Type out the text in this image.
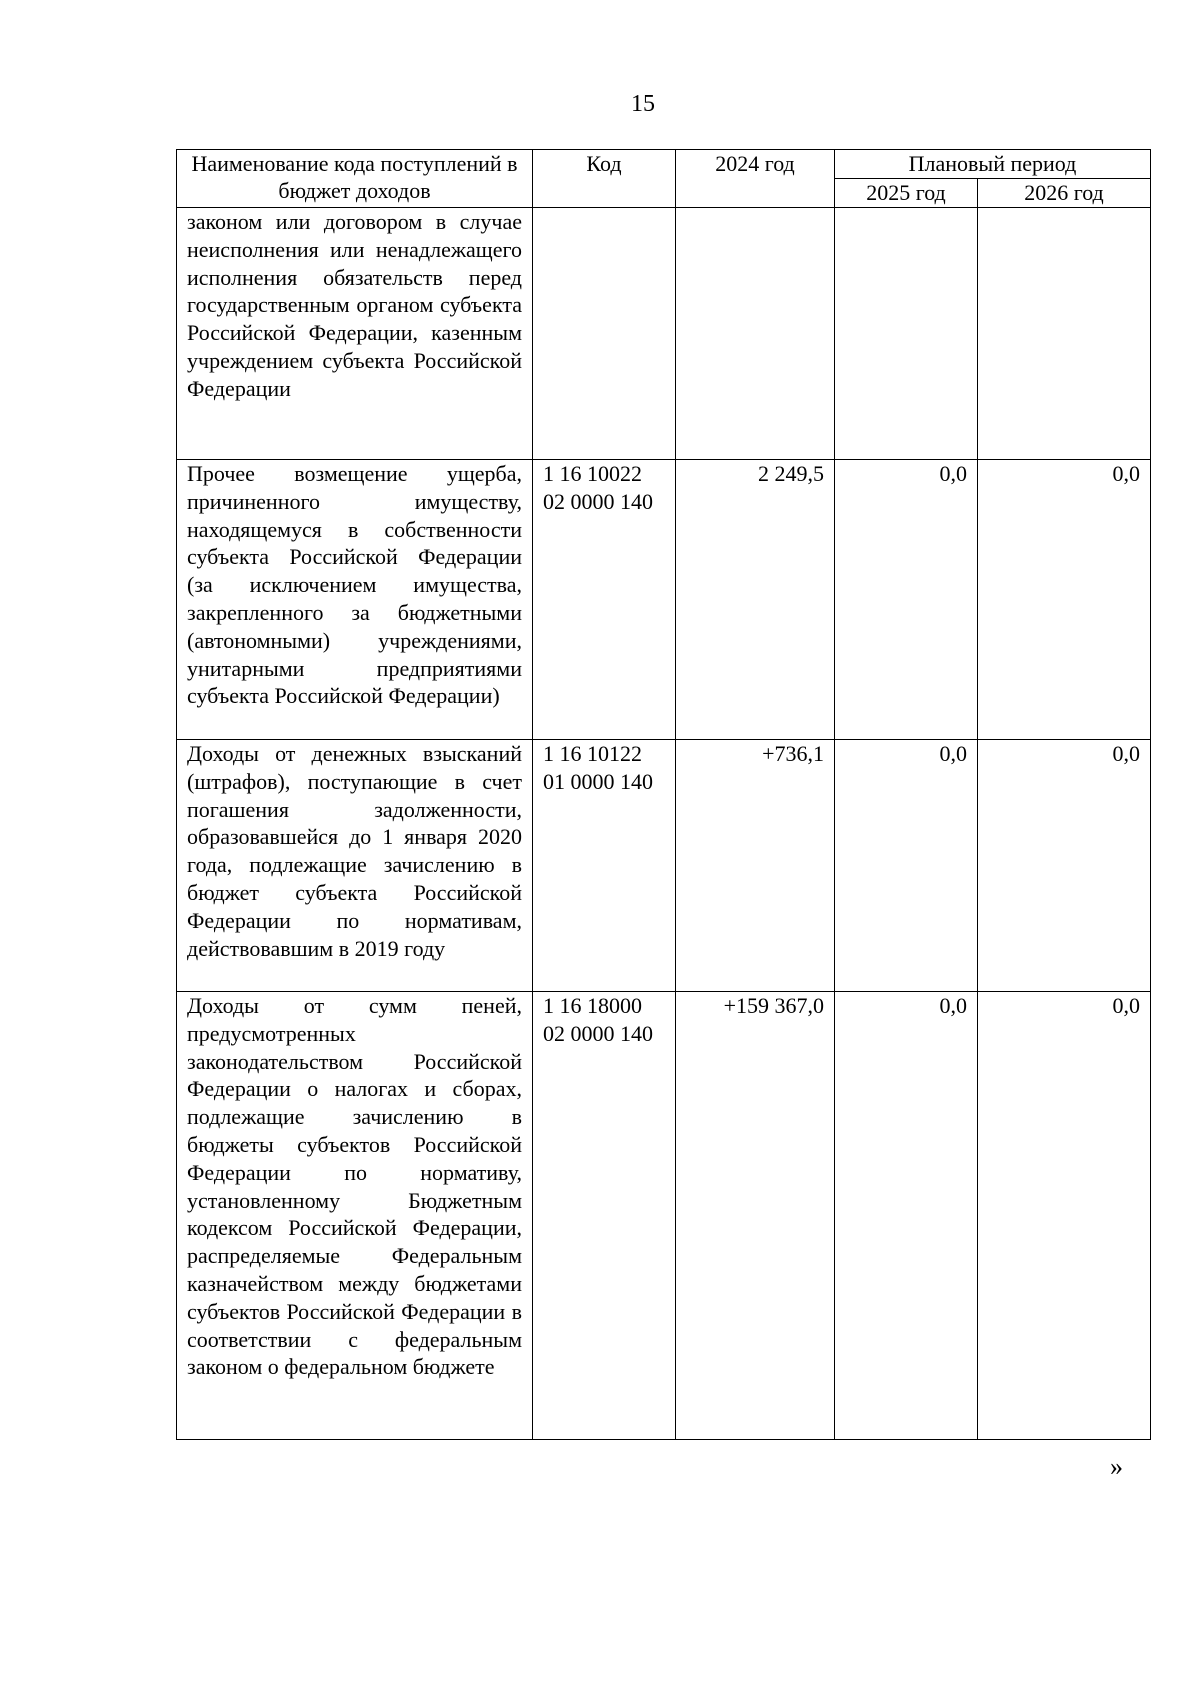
15
Наименование кода поступлений в бюджет доходов	Код	2024 год	Плановый период	
			2025 год	2026 год
законом или договором в случае неисполнения или ненадлежащего исполнения обязательств перед государственным органом субъекта Российской Федерации, казенным учреждением субъекта Российской Федерации				
Прочее возмещение ущерба, причиненного имуществу, находящемуся в собственности субъекта Российской Федерации (за исключением имущества, закрепленного за бюджетными (автономными) учреждениями, унитарными предприятиями субъекта Российской Федерации)	1 16 10022 02 0000 140	2 249,5	0,0	0,0
Доходы от денежных взысканий (штрафов), поступающие в счет погашения задолженности, образовавшейся до 1 января 2020 года, подлежащие зачислению в бюджет субъекта Российской Федерации по нормативам, действовавшим в 2019 году	1 16 10122 01 0000 140	+736,1	0,0	0,0
Доходы от сумм пеней, предусмотренных законодательством Российской Федерации о налогах и сборах, подлежащие зачислению в бюджеты субъектов Российской Федерации по нормативу, установленному Бюджетным кодексом Российской Федерации, распределяемые Федеральным казначейством между бюджетами субъектов Российской Федерации в соответствии с федеральным законом о федеральном бюджете	1 16 18000 02 0000 140	+159 367,0	0,0	0,0
»
